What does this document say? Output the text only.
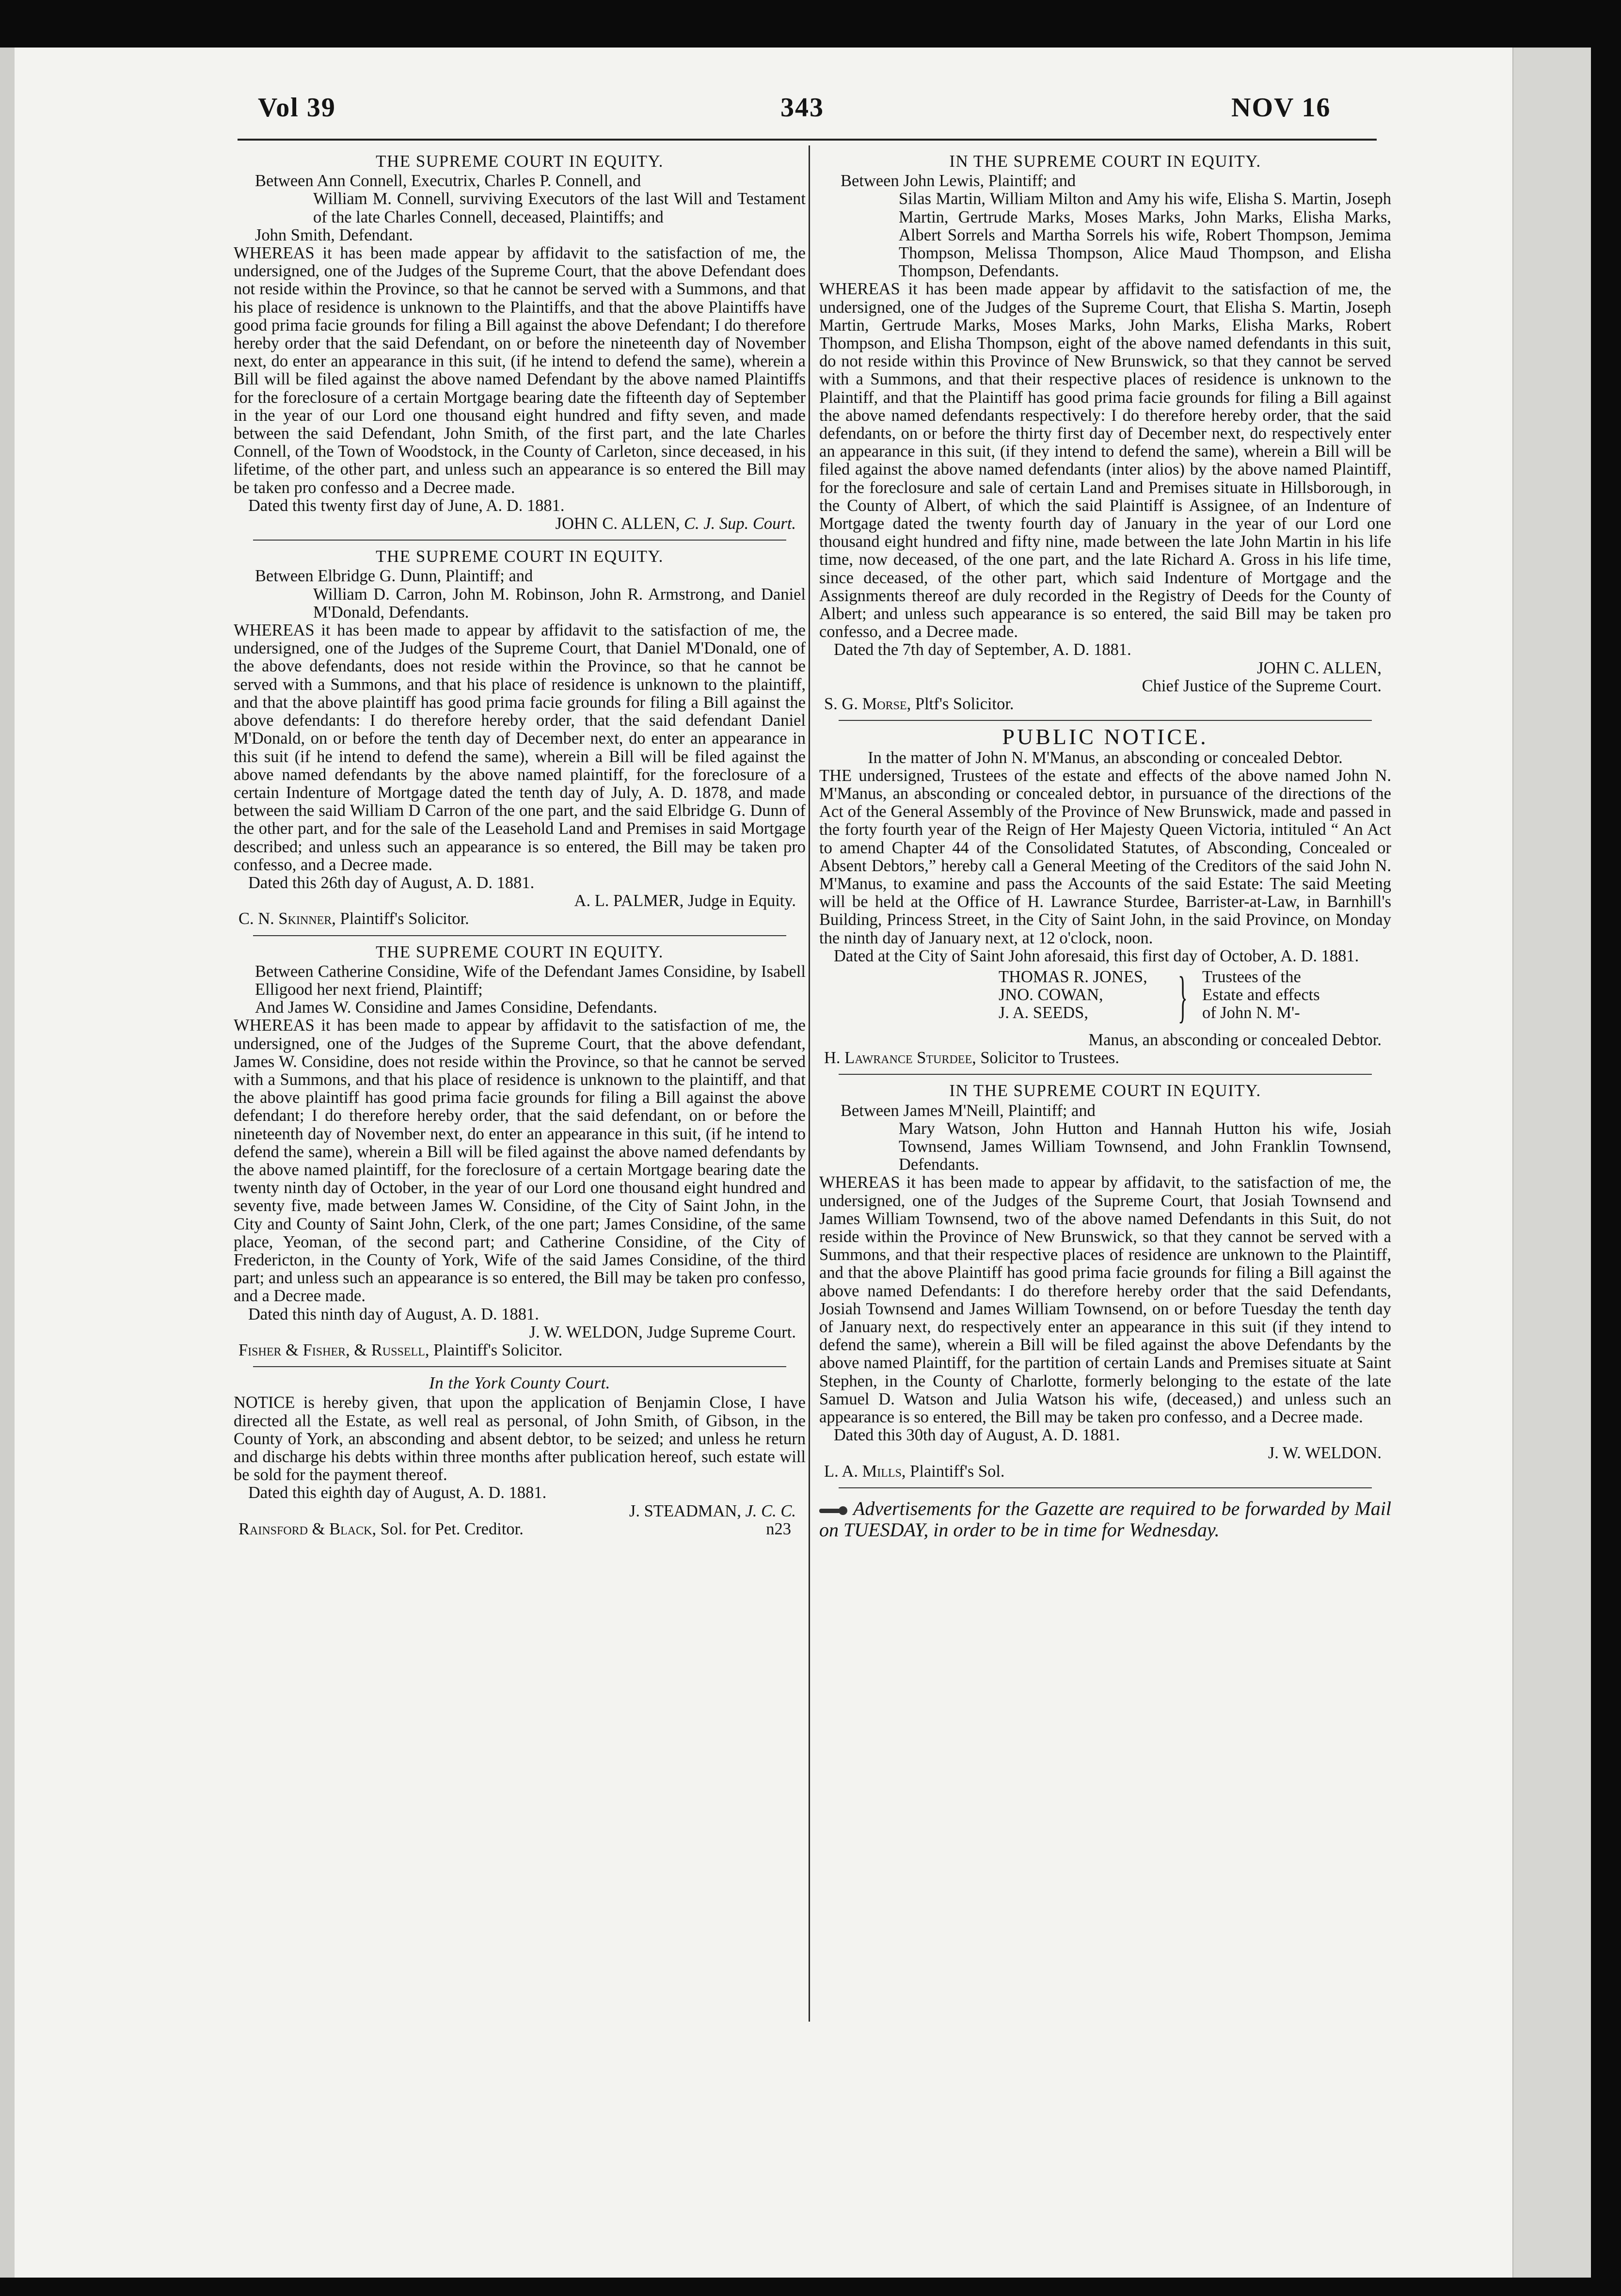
Vol 39	343	NOV 16
THE SUPREME COURT IN EQUITY.
Between Ann Connell, Executrix, Charles P. Connell, and
William M. Connell, surviving Executors of the last Will and Testament of the late Charles Connell, deceased, Plaintiffs; and
John Smith, Defendant.
WHEREAS it has been made appear by affidavit to the satisfaction of me, the undersigned, one of the Judges of the Supreme Court, that the above Defendant does not reside within the Province, so that he cannot be served with a Summons, and that his place of residence is unknown to the Plaintiffs, and that the above Plaintiffs have good prima facie grounds for filing a Bill against the above Defendant; I do therefore hereby order that the said Defendant, on or before the nineteenth day of November next, do enter an appearance in this suit, (if he intend to defend the same), wherein a Bill will be filed against the above named Defendant by the above named Plaintiffs for the foreclosure of a certain Mortgage bearing date the fifteenth day of September in the year of our Lord one thousand eight hundred and fifty seven, and made between the said Defendant, John Smith, of the first part, and the late Charles Connell, of the Town of Woodstock, in the County of Carleton, since deceased, in his lifetime, of the other part, and unless such an appearance is so entered the Bill may be taken pro confesso and a Decree made.
Dated this twenty first day of June, A. D. 1881.
JOHN C. ALLEN, C. J. Sup. Court.
THE SUPREME COURT IN EQUITY.
Between Elbridge G. Dunn, Plaintiff; and
William D. Carron, John M. Robinson, John R. Armstrong, and Daniel M'Donald, Defendants.
WHEREAS it has been made to appear by affidavit to the satisfaction of me, the undersigned, one of the Judges of the Supreme Court, that Daniel M'Donald, one of the above defendants, does not reside within the Province, so that he cannot be served with a Summons, and that his place of residence is unknown to the plaintiff, and that the above plaintiff has good prima facie grounds for filing a Bill against the above defendants: I do therefore hereby order, that the said defendant Daniel M'Donald, on or before the tenth day of December next, do enter an appearance in this suit (if he intend to defend the same), wherein a Bill will be filed against the above named defendants by the above named plaintiff, for the foreclosure of a certain Indenture of Mortgage dated the tenth day of July, A. D. 1878, and made between the said William D Carron of the one part, and the said Elbridge G. Dunn of the other part, and for the sale of the Leasehold Land and Premises in said Mortgage described; and unless such an appearance is so entered, the Bill may be taken pro confesso, and a Decree made.
Dated this 26th day of August, A. D. 1881.
A. L. PALMER, Judge in Equity.
C. N. Skinner, Plaintiff's Solicitor.
THE SUPREME COURT IN EQUITY.
Between Catherine Considine, Wife of the Defendant James Considine, by Isabell Elligood her next friend, Plaintiff;
And James W. Considine and James Considine, Defendants.
WHEREAS it has been made to appear by affidavit to the satisfaction of me, the undersigned, one of the Judges of the Supreme Court, that the above defendant, James W. Considine, does not reside within the Province, so that he cannot be served with a Summons, and that his place of residence is unknown to the plaintiff, and that the above plaintiff has good prima facie grounds for filing a Bill against the above defendant; I do therefore hereby order, that the said defendant, on or before the nineteenth day of November next, do enter an appearance in this suit, (if he intend to defend the same), wherein a Bill will be filed against the above named defendants by the above named plaintiff, for the foreclosure of a certain Mortgage bearing date the twenty ninth day of October, in the year of our Lord one thousand eight hundred and seventy five, made between James W. Considine, of the City of Saint John, in the City and County of Saint John, Clerk, of the one part; James Considine, of the same place, Yeoman, of the second part; and Catherine Considine, of the City of Fredericton, in the County of York, Wife of the said James Considine, of the third part; and unless such an appearance is so entered, the Bill may be taken pro confesso, and a Decree made.
Dated this ninth day of August, A. D. 1881.
J. W. WELDON, Judge Supreme Court.
Fisher & Fisher, & Russell, Plaintiff's Solicitor.
In the York County Court.
NOTICE is hereby given, that upon the application of Benjamin Close, I have directed all the Estate, as well real as personal, of John Smith, of Gibson, in the County of York, an absconding and absent debtor, to be seized; and unless he return and discharge his debts within three months after publication hereof, such estate will be sold for the payment thereof.
Dated this eighth day of August, A. D. 1881.
J. STEADMAN, J. C. C.
Rainsford & Black, Sol. for Pet. Creditor.	n23
IN THE SUPREME COURT IN EQUITY.
Between John Lewis, Plaintiff; and
Silas Martin, William Milton and Amy his wife, Elisha S. Martin, Joseph Martin, Gertrude Marks, Moses Marks, John Marks, Elisha Marks, Albert Sorrels and Martha Sorrels his wife, Robert Thompson, Jemima Thompson, Melissa Thompson, Alice Maud Thompson, and Elisha Thompson, Defendants.
WHEREAS it has been made appear by affidavit to the satisfaction of me, the undersigned, one of the Judges of the Supreme Court, that Elisha S. Martin, Joseph Martin, Gertrude Marks, Moses Marks, John Marks, Elisha Marks, Robert Thompson, and Elisha Thompson, eight of the above named defendants in this suit, do not reside within this Province of New Brunswick, so that they cannot be served with a Summons, and that their respective places of residence is unknown to the Plaintiff, and that the Plaintiff has good prima facie grounds for filing a Bill against the above named defendants respectively: I do therefore hereby order, that the said defendants, on or before the thirty first day of December next, do respectively enter an appearance in this suit, (if they intend to defend the same), wherein a Bill will be filed against the above named defendants (inter alios) by the above named Plaintiff, for the foreclosure and sale of certain Land and Premises situate in Hillsborough, in the County of Albert, of which the said Plaintiff is Assignee, of an Indenture of Mortgage dated the twenty fourth day of January in the year of our Lord one thousand eight hundred and fifty nine, made between the late John Martin in his life time, now deceased, of the one part, and the late Richard A. Gross in his life time, since deceased, of the other part, which said Indenture of Mortgage and the Assignments thereof are duly recorded in the Registry of Deeds for the County of Albert; and unless such appearance is so entered, the said Bill may be taken pro confesso, and a Decree made.
Dated the 7th day of September, A. D. 1881.
JOHN C. ALLEN,
Chief Justice of the Supreme Court.
S. G. Morse, Pltf's Solicitor.
PUBLIC NOTICE.
In the matter of John N. M'Manus, an absconding or concealed Debtor.
THE undersigned, Trustees of the estate and effects of the above named John N. M'Manus, an absconding or concealed debtor, in pursuance of the directions of the Act of the General Assembly of the Province of New Brunswick, made and passed in the forty fourth year of the Reign of Her Majesty Queen Victoria, intituled “ An Act to amend Chapter 44 of the Consolidated Statutes, of Absconding, Concealed or Absent Debtors,” hereby call a General Meeting of the Creditors of the said John N. M'Manus, to examine and pass the Accounts of the said Estate: The said Meeting will be held at the Office of H. Lawrance Sturdee, Barrister-at-Law, in Barnhill's Building, Princess Street, in the City of Saint John, in the said Province, on Monday the ninth day of January next, at 12 o'clock, noon.
Dated at the City of Saint John aforesaid, this first day of October, A. D. 1881.
THOMAS R. JONES,
JNO. COWAN,
J. A. SEEDS,	} Trustees of the
Estate and effects
of John N. M'-
Manus, an absconding or concealed Debtor.
H. Lawrance Sturdee, Solicitor to Trustees.
IN THE SUPREME COURT IN EQUITY.
Between James M'Neill, Plaintiff; and
Mary Watson, John Hutton and Hannah Hutton his wife, Josiah Townsend, James William Townsend, and John Franklin Townsend, Defendants.
WHEREAS it has been made to appear by affidavit, to the satisfaction of me, the undersigned, one of the Judges of the Supreme Court, that Josiah Townsend and James William Townsend, two of the above named Defendants in this Suit, do not reside within the Province of New Brunswick, so that they cannot be served with a Summons, and that their respective places of residence are unknown to the Plaintiff, and that the above Plaintiff has good prima facie grounds for filing a Bill against the above named Defendants: I do therefore hereby order that the said Defendants, Josiah Townsend and James William Townsend, on or before Tuesday the tenth day of January next, do respectively enter an appearance in this suit (if they intend to defend the same), wherein a Bill will be filed against the above Defendants by the above named Plaintiff, for the partition of certain Lands and Premises situate at Saint Stephen, in the County of Charlotte, formerly belonging to the estate of the late Samuel D. Watson and Julia Watson his wife, (deceased,) and unless such an appearance is so entered, the Bill may be taken pro confesso, and a Decree made.
Dated this 30th day of August, A. D. 1881.
J. W. WELDON.
L. A. Mills, Plaintiff's Sol.
Advertisements for the Gazette are required to be forwarded by Mail on TUESDAY, in order to be in time for Wednesday.
